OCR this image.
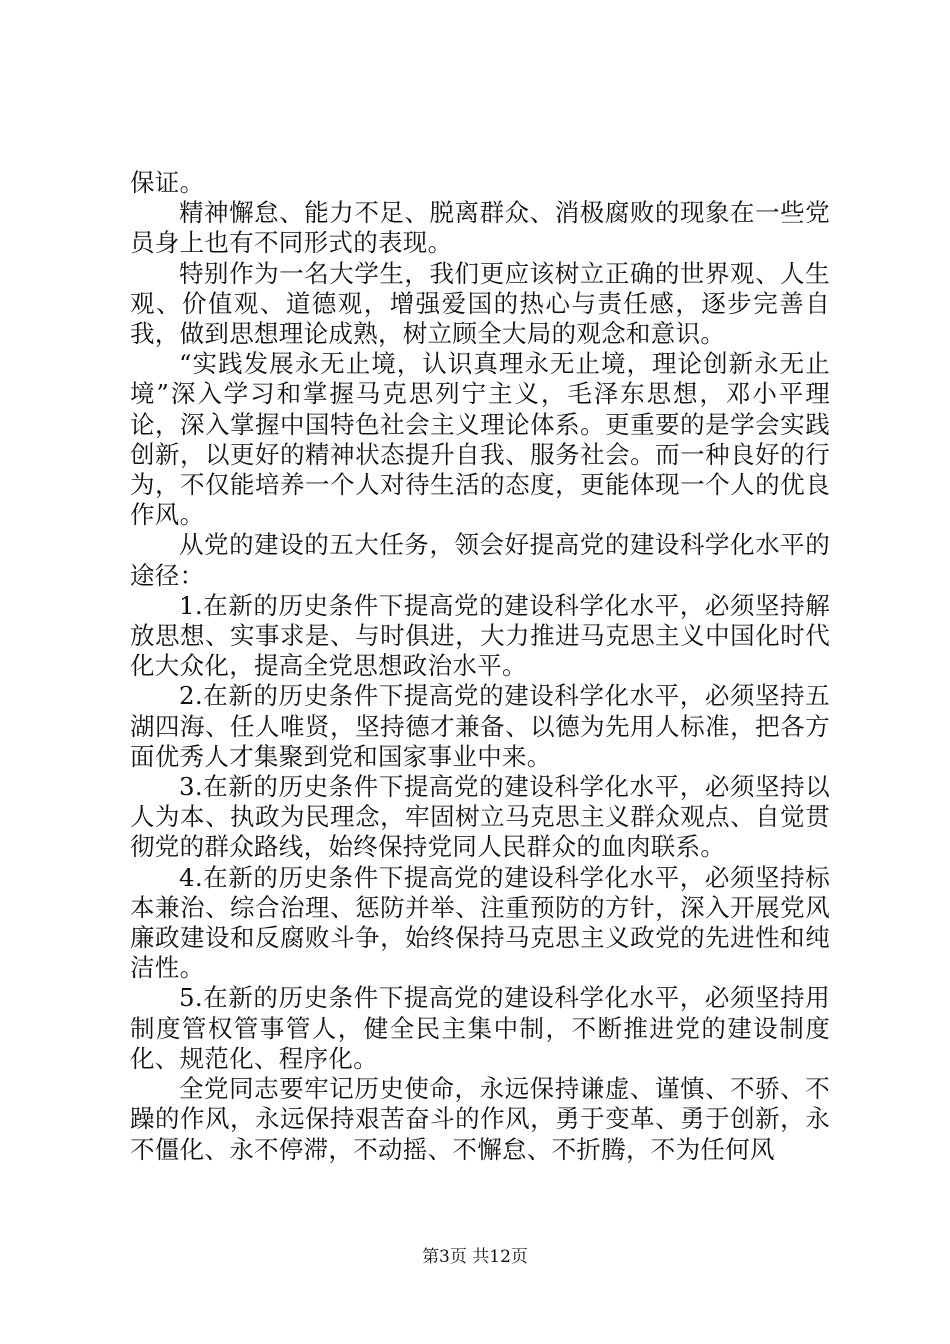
保证。

精神懈怠、能力不足、脱离群众、消极腐败的现象在一些党员身上也有不同形式的表现。

特别作为一名大学生，我们更应该树立正确的世界观、人生观、价值观、道德观，增强爱国的热心与责任感，逐步完善自我，做到思想理论成熟，树立顾全大局的观念和意识。

“实践发展永无止境，认识真理永无止境，理论创新永无止境”深入学习和掌握马克思列宁主义，毛泽东思想，邓小平理论，深入掌握中国特色社会主义理论体系。更重要的是学会实践创新，以更好的精神状态提升自我、服务社会。而一种良好的行为，不仅能培养一个人对待生活的态度，更能体现一个人的优良作风。

从党的建设的五大任务，领会好提高党的建设科学化水平的途径：

1.在新的历史条件下提高党的建设科学化水平，必须坚持解放思想、实事求是、与时俱进，大力推进马克思主义中国化时代化大众化，提高全党思想政治水平。

2.在新的历史条件下提高党的建设科学化水平，必须坚持五湖四海、任人唯贤，坚持德才兼备、以德为先用人标准，把各方面优秀人才集聚到党和国家事业中来。

3.在新的历史条件下提高党的建设科学化水平，必须坚持以人为本、执政为民理念，牢固树立马克思主义群众观点、自觉贯彻党的群众路线，始终保持党同人民群众的血肉联系。

4.在新的历史条件下提高党的建设科学化水平，必须坚持标本兼治、综合治理、惩防并举、注重预防的方针，深入开展党风廉政建设和反腐败斗争，始终保持马克思主义政党的先进性和纯洁性。

5.在新的历史条件下提高党的建设科学化水平，必须坚持用制度管权管事管人，健全民主集中制，不断推进党的建设制度化、规范化、程序化。

全党同志要牢记历史使命，永远保持谦虚、谨慎、不骄、不躁的作风，永远保持艰苦奋斗的作风，勇于变革、勇于创新，永不僵化、永不停滞，不动摇、不懈怠、不折腾，不为任何风

第3页 共12页
